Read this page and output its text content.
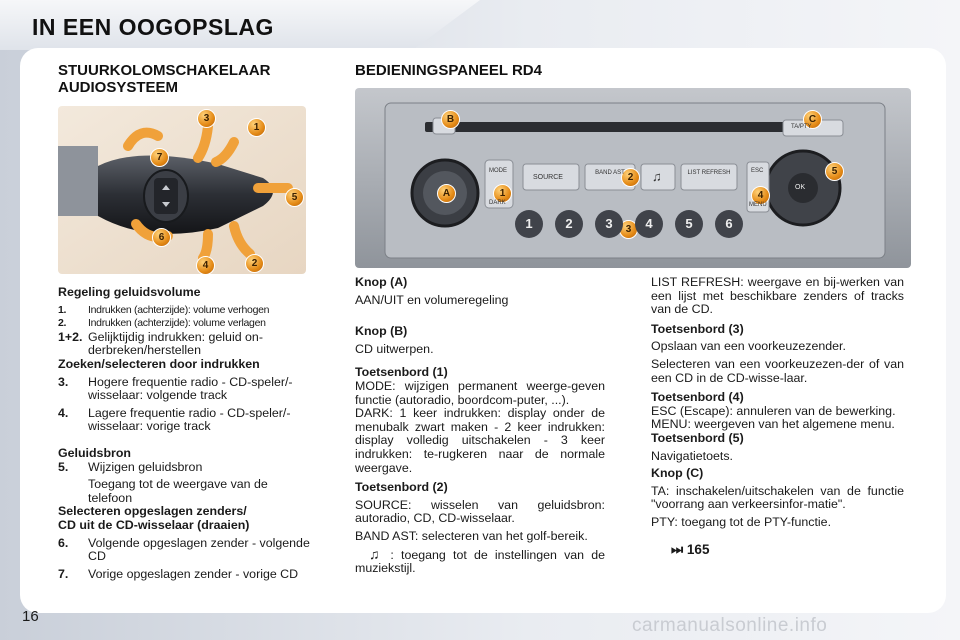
IN EEN OOGOPSLAG
STUURKOLOMSCHAKELAAR
AUDIOSYSTEEM
3
1
7
5
6
4	2
Regeling geluidsvolume
1.	Indrukken (achterzijde): volume verhogen
2.	Indrukken (achterzijde): volume verlagen
1+2. Gelijktijdig indrukken: geluid on-derbreken/herstellen
Zoeken/selecteren door indrukken
3.	Hogere frequentie radio - CD-speler/-wisselaar: volgende track
4.	Lagere frequentie radio - CD-speler/-wisselaar: vorige track
Geluidsbron
5.	Wijzigen geluidsbron
Toegang tot de weergave van de telefoon
Selecteren opgeslagen zenders/
CD uit de CD-wisselaar (draaien)
6.	Volgende opgeslagen zender - volgende CD
7.	Vorige opgeslagen zender - vorige CD
BEDIENINGSPANEEL RD4
B	C
A	1
2
4
5
3
MODE
SOURCE
BAND AST ♫	LIST REFRESH	ESC
MENU
DARK
OK
TA/PTY
1	2	3	4	5	6
Knop (A)
AAN/UIT en volumeregeling
Knop (B)
CD uitwerpen.
Toetsenbord (1)
MODE: wijzigen permanent weerge-geven functie (autoradio, boordcom-puter, ...).
DARK: 1 keer indrukken: display onder de menubalk zwart maken - 2 keer indrukken: display volledig uitschakelen - 3 keer indrukken: te-rugkeren naar de normale weergave.
Toetsenbord (2)
SOURCE: wisselen van geluidsbron: autoradio, CD, CD-wisselaar.
BAND AST: selecteren van het golf-bereik.
♫ : toegang tot de instellingen van de muziekstijl.
LIST REFRESH: weergave en bij-werken van een lijst met beschikbare zenders of tracks van de CD.
Toetsenbord (3)
Opslaan van een voorkeuzezender.
Selecteren van een voorkeuzezen-der of van een CD in de CD-wisse-laar.
Toetsenbord (4)
ESC (Escape): annuleren van de bewerking.
MENU: weergeven van het algemene menu.
Toetsenbord (5)
Navigatietoets.
Knop (C)
TA: inschakelen/uitschakelen van de functie "voorrang aan verkeersinfor-matie".
PTY: toegang tot de PTY-functie.
⏭ 165
16	carmanualsonline.info
